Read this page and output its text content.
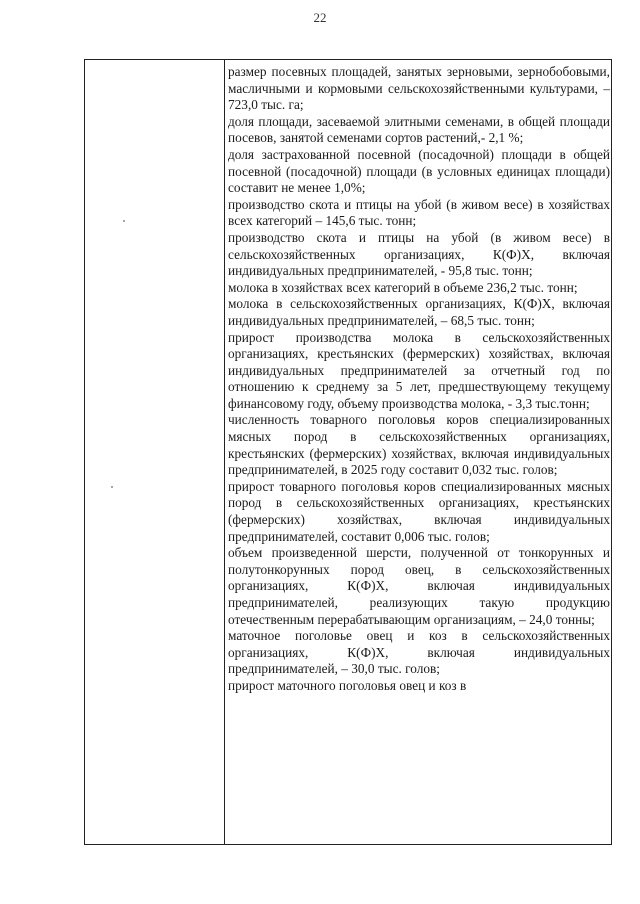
22

размер посевных площадей, занятых зерновыми, зернобобовыми, масличными и кормовыми сельскохозяйственными культурами, – 723,0 тыс. га;

доля площади, засеваемой элитными семенами, в общей площади посевов, занятой семенами сортов растений,- 2,1 %;

доля застрахованной посевной (посадочной) площади в общей посевной (посадочной) площади (в условных единицах площади) составит не менее 1,0%;

производство скота и птицы на убой (в живом весе) в хозяйствах всех категорий – 145,6 тыс. тонн;

производство скота и птицы на убой (в живом весе) в сельскохозяйственных организациях, К(Ф)Х, включая индивидуальных предпринимателей, - 95,8 тыс. тонн;

молока в хозяйствах всех категорий в объеме 236,2 тыс. тонн;

молока в сельскохозяйственных организациях, К(Ф)Х, включая индивидуальных предпринимателей, – 68,5 тыс. тонн;

прирост производства молока в сельскохозяйственных организациях, крестьянских (фермерских) хозяйствах, включая индивидуальных предпринимателей за отчетный год по отношению к среднему за 5 лет, предшествующему текущему финансовому году, объему производства молока, - 3,3 тыс.тонн;

численность товарного поголовья коров специализированных мясных пород в сельскохозяйственных организациях, крестьянских (фермерских) хозяйствах, включая индивидуальных предпринимателей, в 2025 году составит 0,032 тыс. голов;

прирост товарного поголовья коров специализированных мясных пород в сельскохозяйственных организациях, крестьянских (фермерских) хозяйствах, включая индивидуальных предпринимателей, составит 0,006 тыс. голов;

объем произведенной шерсти, полученной от тонкорунных и полутонкорунных пород овец, в сельскохозяйственных организациях, К(Ф)Х, включая индивидуальных предпринимателей, реализующих такую продукцию отечественным перерабатывающим организациям, – 24,0 тонны;

маточное поголовье овец и коз в сельскохозяйственных организациях, К(Ф)Х, включая индивидуальных предпринимателей, – 30,0 тыс. голов;

прирост маточного поголовья овец и коз в
